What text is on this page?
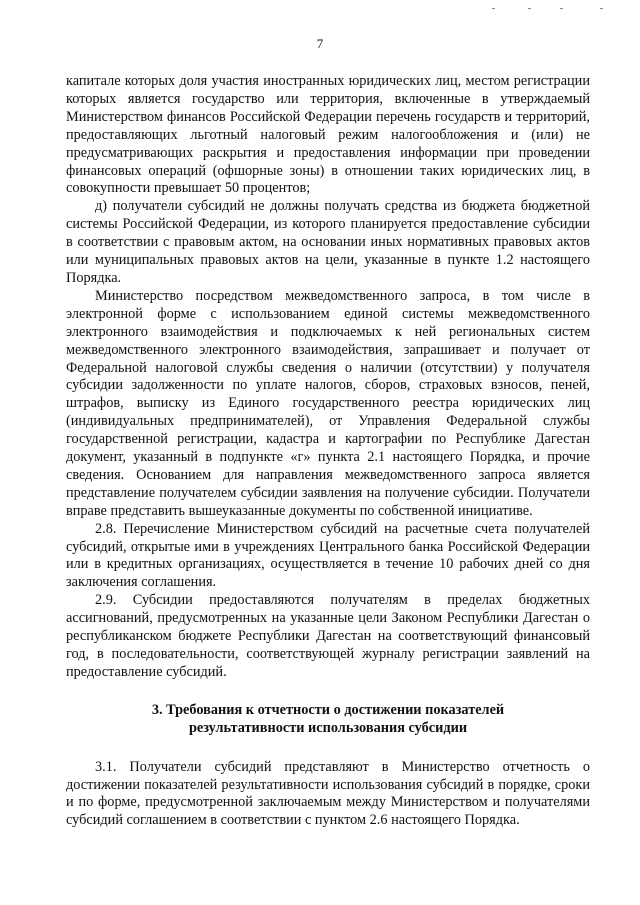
7

капитале которых доля участия иностранных юридических лиц, местом регистрации которых является государство или территория, включенные в утверждаемый Министерством финансов Российской Федерации перечень государств и территорий, предоставляющих льготный налоговый режим налогообложения и (или) не предусматривающих раскрытия и предоставления информации при проведении финансовых операций (офшорные зоны) в отношении таких юридических лиц, в совокупности превышает 50 процентов;

д) получатели субсидий не должны получать средства из бюджета бюджетной системы Российской Федерации, из которого планируется предоставление субсидии в соответствии с правовым актом, на основании иных нормативных правовых актов или муниципальных правовых актов на цели, указанные в пункте 1.2 настоящего Порядка.

Министерство посредством межведомственного запроса, в том числе в электронной форме с использованием единой системы межведомственного электронного взаимодействия и подключаемых к ней региональных систем межведомственного электронного взаимодействия, запрашивает и получает от Федеральной налоговой службы сведения о наличии (отсутствии) у получателя субсидии задолженности по уплате налогов, сборов, страховых взносов, пеней, штрафов, выписку из Единого государственного реестра юридических лиц (индивидуальных предпринимателей), от Управления Федеральной службы государственной регистрации, кадастра и картографии по Республике Дагестан документ, указанный в подпункте «г» пункта 2.1 настоящего Порядка, и прочие сведения. Основанием для направления межведомственного запроса является представление получателем субсидии заявления на получение субсидии. Получатели вправе представить вышеуказанные документы по собственной инициативе.

2.8. Перечисление Министерством субсидий на расчетные счета получателей субсидий, открытые ими в учреждениях Центрального банка Российской Федерации или в кредитных организациях, осуществляется в течение 10 рабочих дней со дня заключения соглашения.

2.9. Субсидии предоставляются получателям в пределах бюджетных ассигнований, предусмотренных на указанные цели Законом Республики Дагестан о республиканском бюджете Республики Дагестан на соответствующий финансовый год, в последовательности, соответствующей журналу регистрации заявлений на предоставление субсидий.

3. Требования к отчетности о достижении показателей
результативности использования субсидии

3.1. Получатели субсидий представляют в Министерство отчетность о достижении показателей результативности использования субсидий в порядке, сроки и по форме, предусмотренной заключаемым между Министерством и получателями субсидий соглашением в соответствии с пунктом 2.6 настоящего Порядка.
